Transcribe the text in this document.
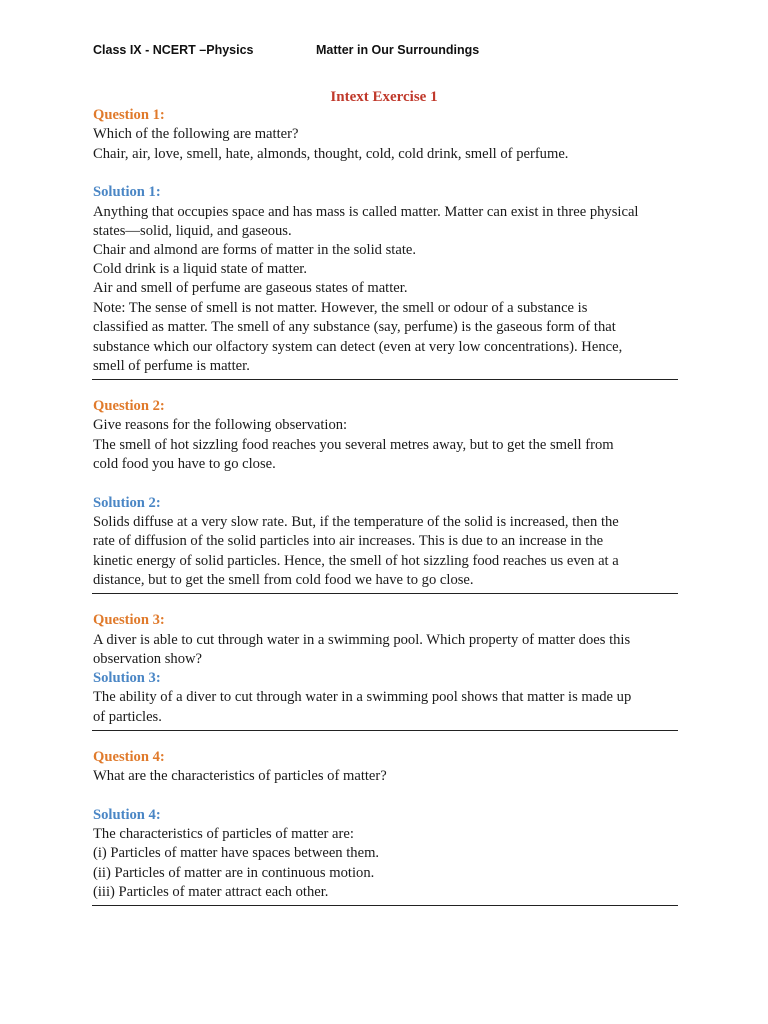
Class IX - NCERT –Physics	Matter in Our Surroundings
Intext Exercise 1
Question 1:
Which of the following are matter?
Chair, air, love, smell, hate, almonds, thought, cold, cold drink, smell of perfume.
Solution 1:
Anything that occupies space and has mass is called matter. Matter can exist in three physical
states—solid, liquid, and gaseous.
Chair and almond are forms of matter in the solid state.
Cold drink is a liquid state of matter.
Air and smell of perfume are gaseous states of matter.
Note: The sense of smell is not matter. However, the smell or odour of a substance is
classified as matter. The smell of any substance (say, perfume) is the gaseous form of that
substance which our olfactory system can detect (even at very low concentrations). Hence,
smell of perfume is matter.
Question 2:
Give reasons for the following observation:
The smell of hot sizzling food reaches you several metres away, but to get the smell from
cold food you have to go close.
Solution 2:
Solids diffuse at a very slow rate. But, if the temperature of the solid is increased, then the
rate of diffusion of the solid particles into air increases. This is due to an increase in the
kinetic energy of solid particles. Hence, the smell of hot sizzling food reaches us even at a
distance, but to get the smell from cold food we have to go close.
Question 3:
A diver is able to cut through water in a swimming pool. Which property of matter does this
observation show?
Solution 3:
The ability of a diver to cut through water in a swimming pool shows that matter is made up
of particles.
Question 4:
What are the characteristics of particles of matter?
Solution 4:
The characteristics of particles of matter are:
(i) Particles of matter have spaces between them.
(ii) Particles of matter are in continuous motion.
(iii) Particles of mater attract each other.
